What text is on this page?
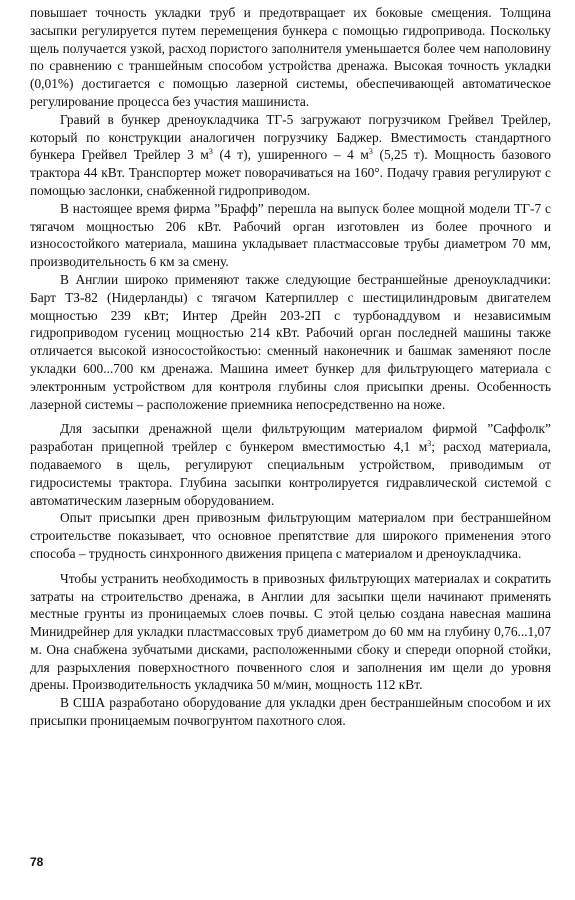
повышает точность укладки труб и предотвращает их боковые смещения. Толщина засыпки регулируется путем перемещения бункера с помощью гидропривода. Поскольку щель получается узкой, расход пористого заполнителя уменьшается более чем наполовину по сравнению с траншейным способом устройства дренажа. Высокая точность укладки (0,01%) достигается с помощью лазерной системы, обеспечивающей автоматическое регулирование процесса без участия машиниста.

Гравий в бункер дреноукладчика ТГ-5 загружают погрузчиком Грейвел Трейлер, который по конструкции аналогичен погрузчику Баджер. Вместимость стандартного бункера Грейвел Трейлер 3 $м^3$ (4 т), уширенного – 4 $м^3$ (5,25 т). Мощность базового трактора 44 кВт. Транспортер может поворачиваться на 160°. Подачу гравия регулируют с помощью заслонки, снабженной гидроприводом.

В настоящее время фирма ”Брафф” перешла на выпуск более мощной модели ТГ-7 с тягачом мощностью 206 кВт. Рабочий орган изготовлен из более прочного и износостойкого материала, машина укладывает пластмассовые трубы диаметром 70 мм, производительность 6 км за смену.

В Англии широко применяют также следующие бестраншейные дреноукладчики: Барт ТЗ-82 (Нидерланды) с тягачом Катерпиллер с шестицилиндровым двигателем мощностью 239 кВт; Интер Дрейн 203-2П с турбонаддувом и независимым гидроприводом гусениц мощностью 214 кВт. Рабочий орган последней машины также отличается высокой износостойкостью: сменный наконечник и башмак заменяют после укладки 600...700 км дренажа. Машина имеет бункер для фильтрующего материала с электронным устройством для контроля глубины слоя присыпки дрены. Особенность лазерной системы – расположение приемника непосредственно на ноже.

Для засыпки дренажной щели фильтрующим материалом фирмой ”Саффолк” разработан прицепной трейлер с бункером вместимостью 4,1 $м^3$; расход материала, подаваемого в щель, регулируют специальным устройством, приводимым от гидросистемы трактора. Глубина засыпки контролируется гидравлической системой с автоматическим лазерным оборудованием.

Опыт присыпки дрен привозным фильтрующим материалом при бестраншейном строительстве показывает, что основное препятствие для широкого применения этого способа – трудность синхронного движения прицепа с материалом и дреноукладчика.

Чтобы устранить необходимость в привозных фильтрующих материалах и сократить затраты на строительство дренажа, в Англии для засыпки щели начинают применять местные грунты из проницаемых слоев почвы. С этой целью создана навесная машина Минидрейнер для укладки пластмассовых труб диаметром до 60 мм на глубину 0,76...1,07 м. Она снабжена зубчатыми дисками, расположенными сбоку и спереди опорной стойки, для разрыхления поверхностного почвенного слоя и заполнения им щели до уровня дрены. Производительность укладчика 50 м/мин, мощность 112 кВт.

В США разработано оборудование для укладки дрен бестраншейным способом и их присыпки проницаемым почвогрунтом пахотного слоя.

78
